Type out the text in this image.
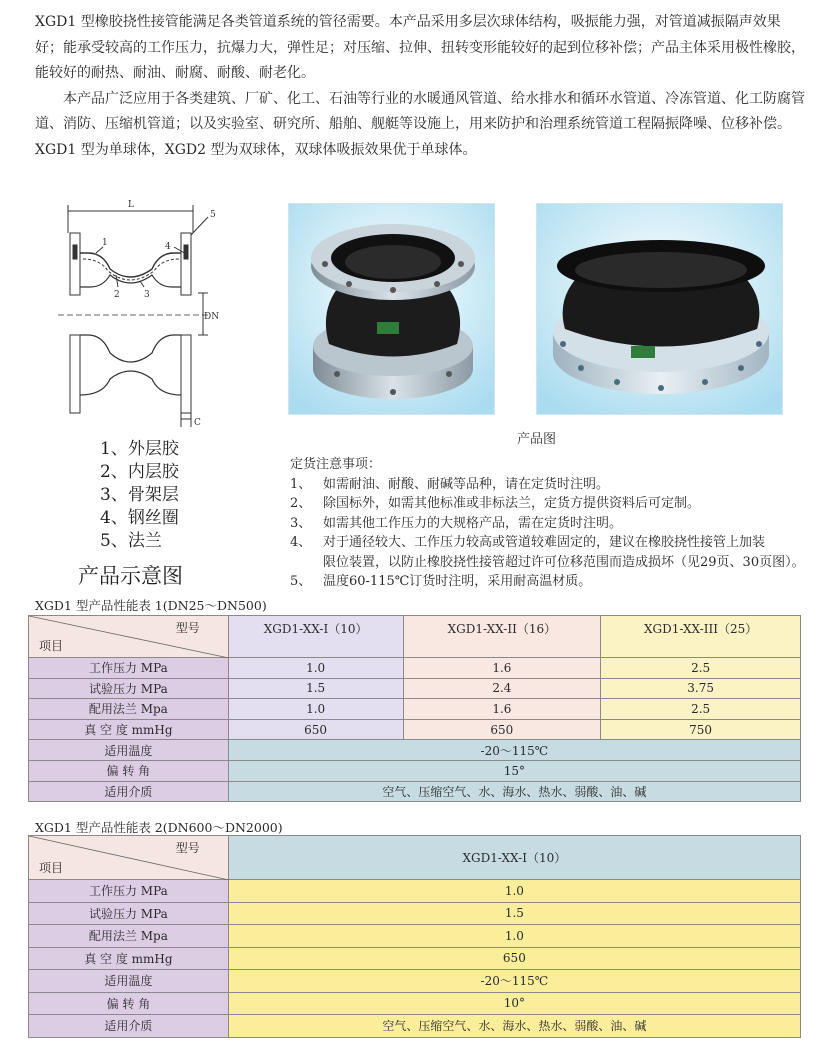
XGD1 型橡胶挠性接管能满足各类管道系统的管径需要。本产品采用多层次球体结构，吸振能力强，对管道减振隔声效果好；能承受较高的工作压力，抗爆力大，弹性足；对压缩、拉伸、扭转变形能较好的起到位移补偿；产品主体采用极性橡胶，能较好的耐热、耐油、耐腐、耐酸、耐老化。

本产品广泛应用于各类建筑、厂矿、化工、石油等行业的水暖通风管道、给水排水和循环水管道、冷冻管道、化工防腐管道、消防、压缩机管道；以及实验室、研究所、船舶、舰艇等设施上，用来防护和治理系统管道工程隔振降噪、位移补偿。

XGD1 型为单球体，XGD2 型为双球体，双球体吸振效果优于单球体。

L
1
2	3
4
5
DN
C
1、外层胶
2、内层胶
3、骨架层
4、钢丝圈
5、法兰
产品示意图
产品图
定货注意事项：
1、 如需耐油、耐酸、耐碱等品种，请在定货时注明。
2、 除国标外，如需其他标准或非标法兰，定货方提供资料后可定制。
3、 如需其他工作压力的大规格产品，需在定货时注明。
4、 对于通径较大、工作压力较高或管道较难固定的，建议在橡胶挠性接管上加装
限位装置，以防止橡胶挠性接管超过许可位移范围而造成损坏（见29页、30页图）。
5、 温度60-115℃订货时注明，采用耐高温材质。
XGD1 型产品性能表 1(DN25～DN500)
型号
项目	XGD1-XX-I（10）	XGD1-XX-II（16）	XGD1-XX-III（25）
工作压力 MPa	1.0	1.6	2.5
试验压力 MPa	1.5	2.4	3.75
配用法兰 Mpa	1.0	1.6	2.5
真 空 度 mmHg	650	650	750
适用温度	-20～115℃		
偏 转 角	15°		
适用介质	空气、压缩空气、水、海水、热水、弱酸、油、碱		
XGD1 型产品性能表 2(DN600～DN2000)
型号
项目	XGD1-XX-I（10）
工作压力 MPa	1.0
试验压力 MPa	1.5
配用法兰 Mpa	1.0
真 空 度 mmHg	650
适用温度	-20～115℃
偏 转 角	10°
适用介质	空气、压缩空气、水、海水、热水、弱酸、油、碱
